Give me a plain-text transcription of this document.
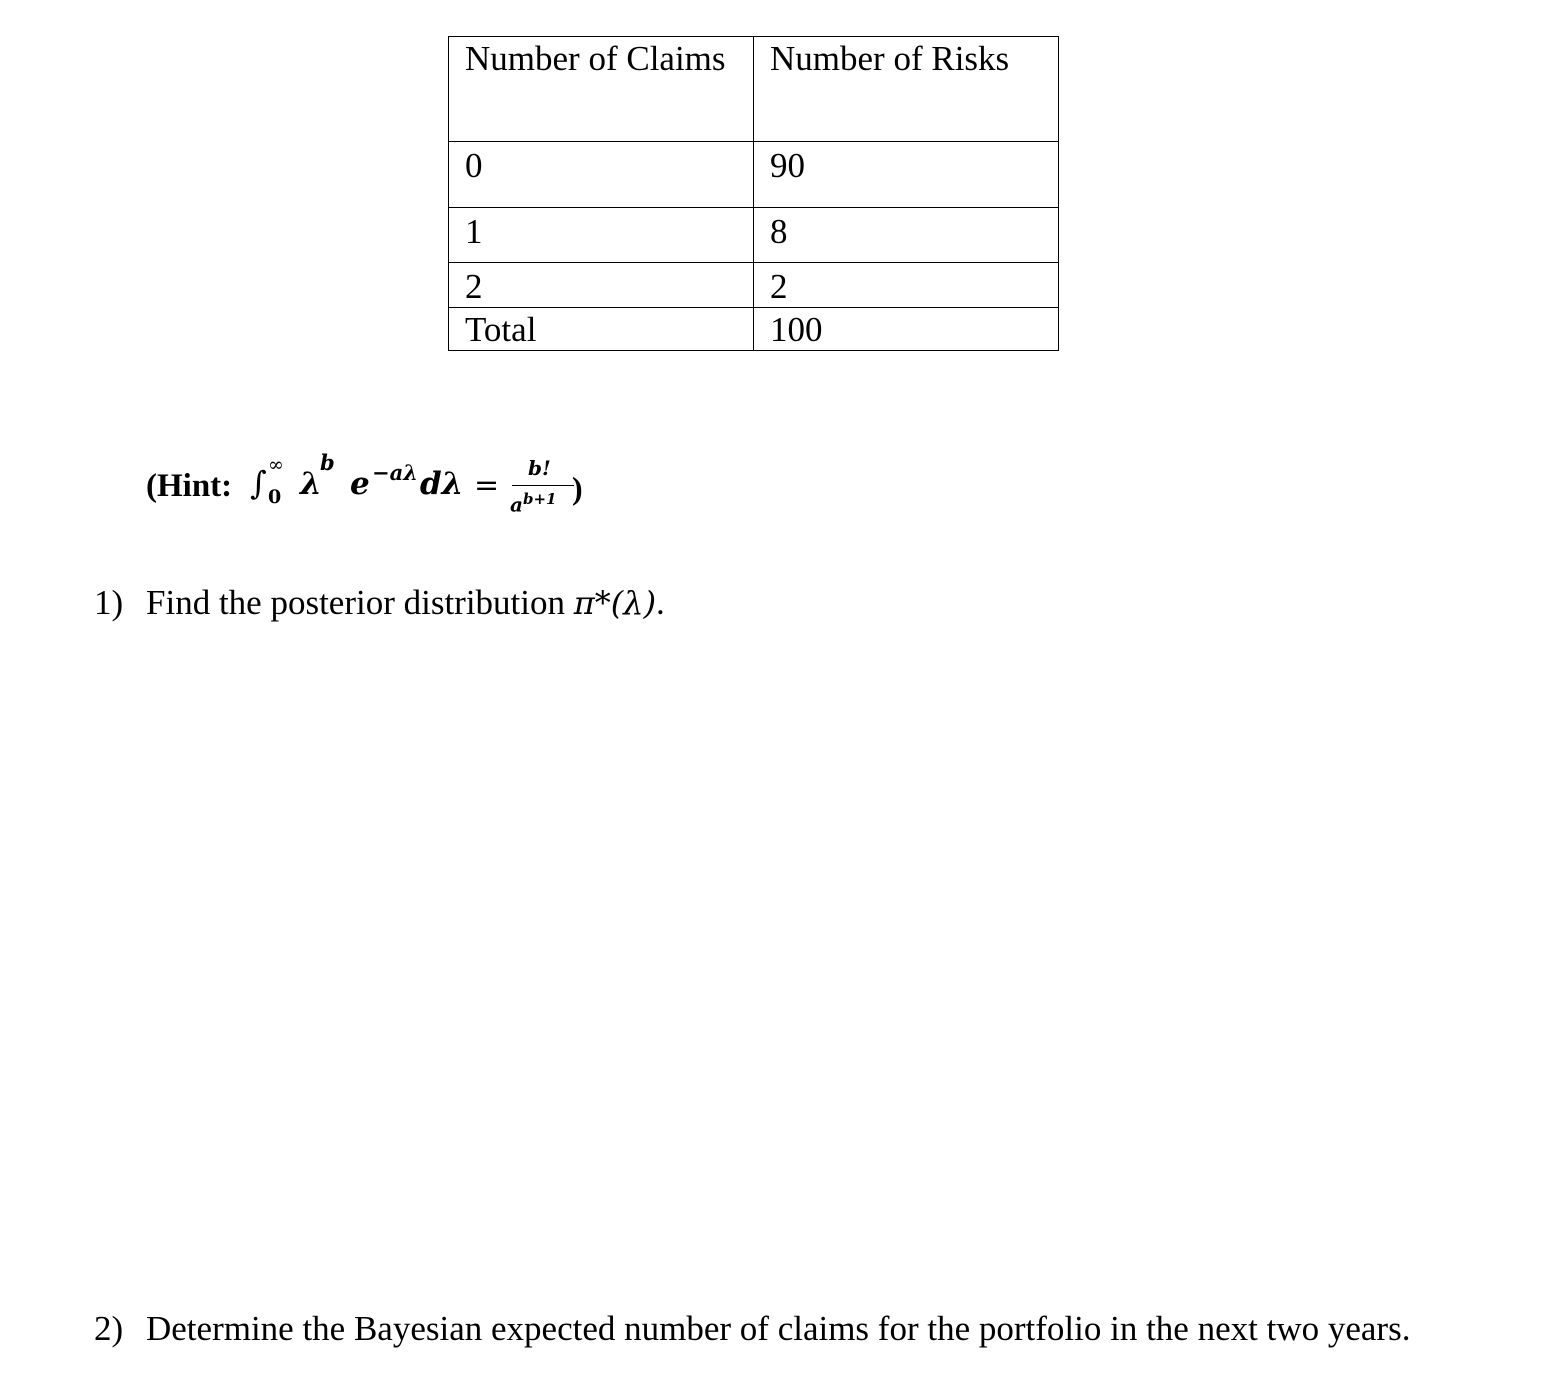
Number of Claims	Number of Risks
0	90
1	8
2	2
Total	100
(Hint: ∫ ∞
0 λ
b
e −aλ dλ = b!
$a^{b+1}$ )
1) Find the posterior distribution π*(λ).
2) Determine the Bayesian expected number of claims for the portfolio in the next two years.
